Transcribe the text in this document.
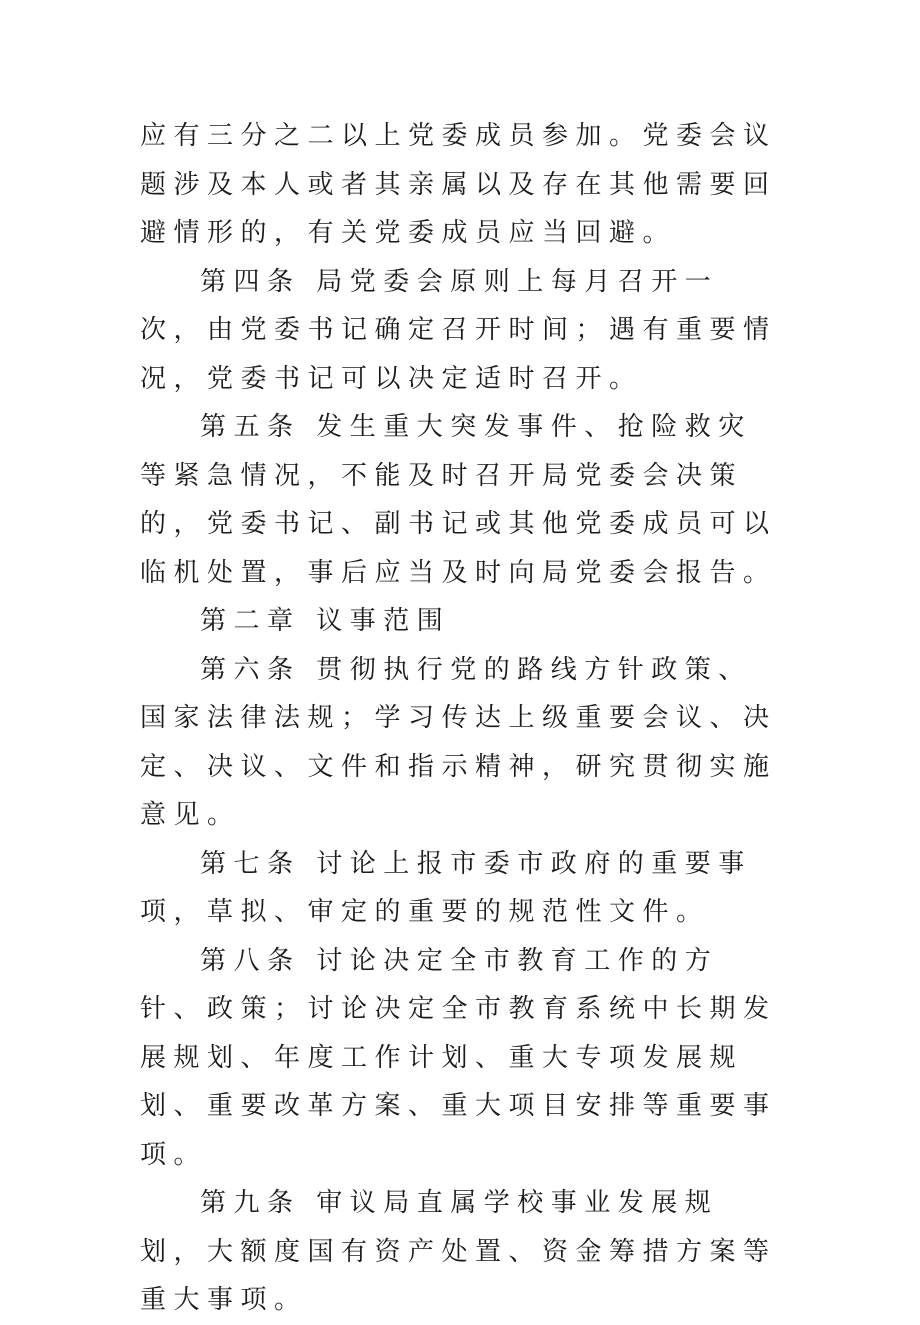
应有三分之二以上党委成员参加。党委会议题涉及本人或者其亲属以及存在其他需要回避情形的，有关党委成员应当回避。

第四条 局党委会原则上每月召开一次，由党委书记确定召开时间；遇有重要情况，党委书记可以决定适时召开。

第五条 发生重大突发事件、抢险救灾等紧急情况，不能及时召开局党委会决策的，党委书记、副书记或其他党委成员可以临机处置，事后应当及时向局党委会报告。

第二章 议事范围

第六条 贯彻执行党的路线方针政策、国家法律法规；学习传达上级重要会议、决定、决议、文件和指示精神，研究贯彻实施意见。

第七条 讨论上报市委市政府的重要事项，草拟、审定的重要的规范性文件。

第八条 讨论决定全市教育工作的方针、政策；讨论决定全市教育系统中长期发展规划、年度工作计划、重大专项发展规划、重要改革方案、重大项目安排等重要事项。

第九条 审议局直属学校事业发展规划，大额度国有资产处置、资金筹措方案等重大事项。
